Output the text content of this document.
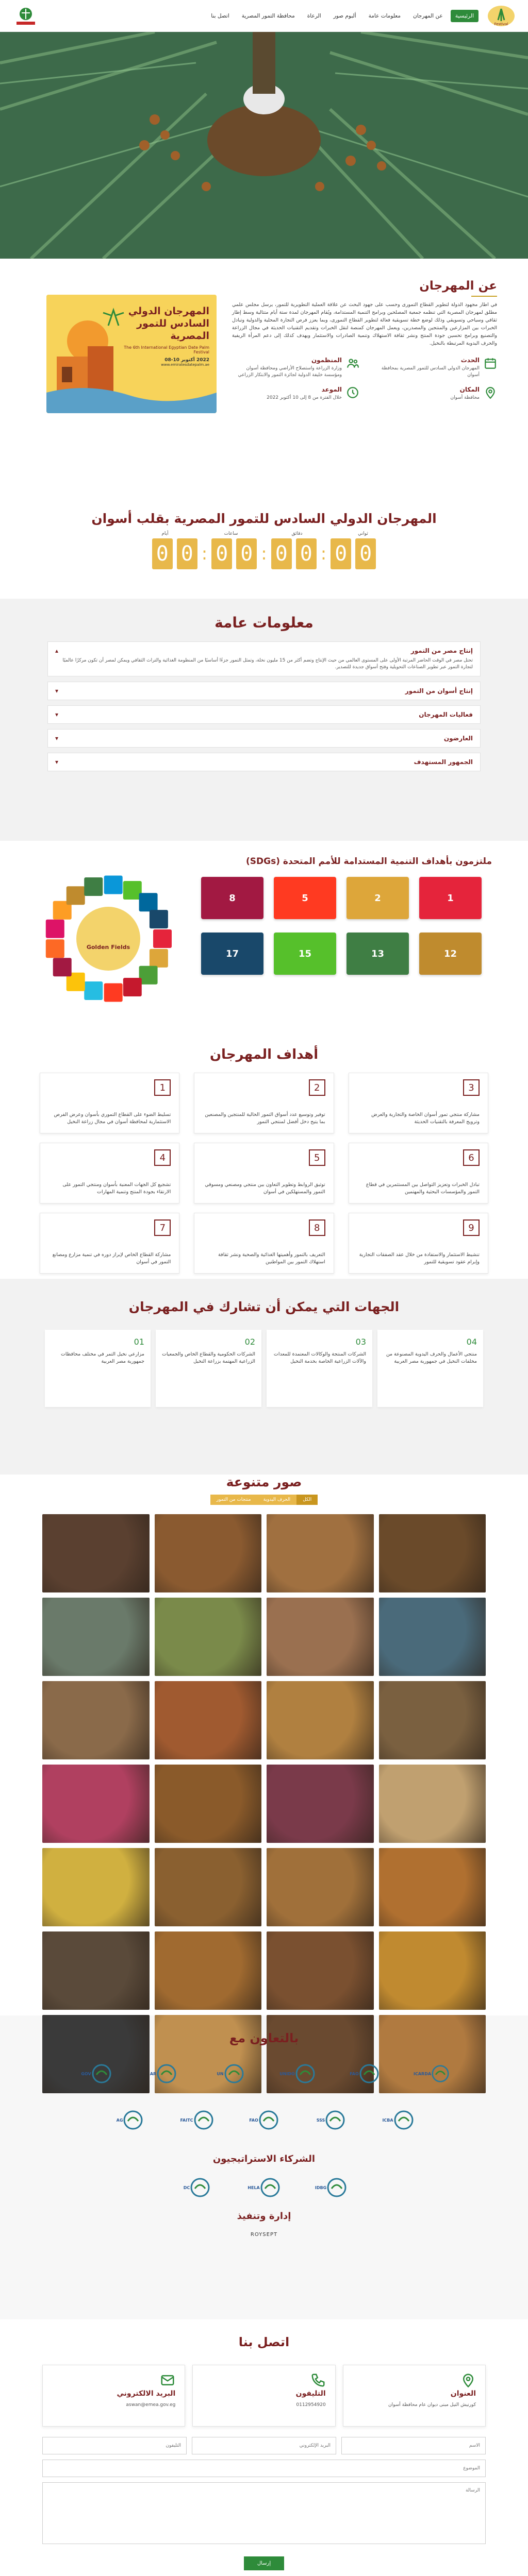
Festival
الرئيسية
عن المهرجان
معلومات عامة
ألبوم صور
الرعاة
محافظة التمور المصرية
اتصل بنا
عن المهرجان

في اطار مجهود الدولة لتطوير القطاع التمورى وحسب على جهود البحث عن علاقة العملية التطويرية للتمور، يرسل مجلس علمي مطلق لمهرجان المصرية التي تنظمه جمعية المصلحين وبرامج التنمية المستدامة، ويُقام المهرجان لمدة ستة أيام متتالية وسط إطار ثقافي وسياحي وتسويقي وذلك لوضع خطة تسويقية فعالة لتطوير القطاع التمورى، وبما يعزز فرص التجارة المحلية والدولية وتبادل الخبرات بين المزارعين والمنتجين والمصدرين، ويعمل المهرجان كمنصة لنقل الخبرات وتقديم التقنيات الحديثة في مجال الزراعة والتصنيع وبرامج تحسين جودة المنتج ونشر ثقافة الاستهلاك وتنمية الصادرات والاستثمار ويهدف كذلك إلى دعم المرأة الريفية والحرف اليدوية المرتبطة بالنخيل.

الحدث
المهرجان الدولي السادس للتمور المصرية بمحافظة أسوان
المنظمون
وزارة الزراعة واستصلاح الأراضي ومحافظة أسوان ومؤسسة خليفة الدولية لجائزة التمور والابتكار الزراعي
المكان
محافظة أسوان
الموعد
خلال الفترة من 8 إلى 10 أكتوبر 2022
المهرجان الدولي السادس للتمور المصرية
The 6th International Egyptian Date Palm Festival
2022 أكتوبر 10-08
www.emiratesdatepalm.ae
المهرجان الدولي السادس للتمور المصرية بقلب أسوان
أيام	ساعات	دقائق	ثواني
0 0 : 0 0 : 0 0 : 0 0
معلومات عامة
إنتاج مصر من التمور
▴
تحتل مصر في الوقت الحاضر المرتبة الأولى على المستوى العالمي من حيث الإنتاج وتضم أكثر من 15 مليون نخلة، وتمثل التمور جزءًا أساسيًا من المنظومة الغذائية والتراث الثقافي ويمكن لمصر أن تكون مركزًا عالميًا لتجارة التمور عبر تطوير الصناعات التحويلية وفتح أسواق جديدة للتصدير.
إنتاج أسوان من التمور
▾
فعاليات المهرجان
▾
العارضون
▾
الجمهور المستهدف
▾
ملتزمون بأهداف التنمية المستدامة للأمم المتحدة (SDGs)
1
2
5
8
12
13
15
17
Golden Fields
أهداف المهرجان
3

مشاركة منتجي تمور أسوان الخاصة والتجارية والعرض وترويج المعرفة بالتقنيات الحديثة

2

توفير وتوسيع عدد أسواق التمور الحالية للمنتجين والمصنعين بما يتيح دخل أفضل لمنتجي التمور

1

تسليط الضوء على القطاع التموري بأسوان وعرض الفرص الاستثمارية لمحافظة أسوان في مجال زراعة النخيل

6

تبادل الخبرات وتعزيز التواصل بين المستثمرين في قطاع التمور والمؤسسات البحثية والمهتمين

5

توثيق الروابط وتطوير التعاون بين منتجي ومصنعي ومسوقي التمور والمستهلكين في أسوان

4

تشجيع كل الجهات المعنية بأسوان ومنتجي التمور على الارتقاء بجودة المنتج وتنمية المهارات

9

تنشيط الاستثمار والاستفادة من خلال عقد الصفقات التجارية وإبرام عقود تسويقية للتمور

8

التعريف بالتمور وأهميتها الغذائية والصحية ونشر ثقافة استهلاك التمور بين المواطنين

7

مشاركة القطاع الخاص لإبراز دوره في تنمية مزارع ومصانع التمور في أسوان

الجهات التي يمكن أن تشارك في المهرجان
04

منتجي الأعمال والحرف اليدوية المصنوعة من مخلفات النخيل في جمهورية مصر العربية

03

الشركات المنتجة والوكالات المعتمدة للمعدات والآلات الزراعية الخاصة بخدمة النخيل

02

الشركات الحكومية والقطاع الخاص والجمعيات الزراعية المهتمة بزراعة النخيل

01

مزارعي نخيل التمر في مختلف محافظات جمهورية مصر العربية

صور متنوعة
الكل
الحرف اليدوية
منتجات من التمور
بالتعاون مع
ICARDA
FAO
UNIDO
UN
AR
GOV
ICBA
SSS
FAO
FAITC
AG
الشركاء الاستراتيجيون
IDBG
HELA
DC
إدارة وتنفيذ
ROYSEPT
اتصل بنا
العنوان
كورنيش النيل مبنى ديوان عام محافظة أسوان
التليفون
0112954920
البريد الالكتروني
aswan@emea.gov.eg
الاسم
البريد الإلكتروني
التليفون
الموضوع
الرسالة
إرسال
